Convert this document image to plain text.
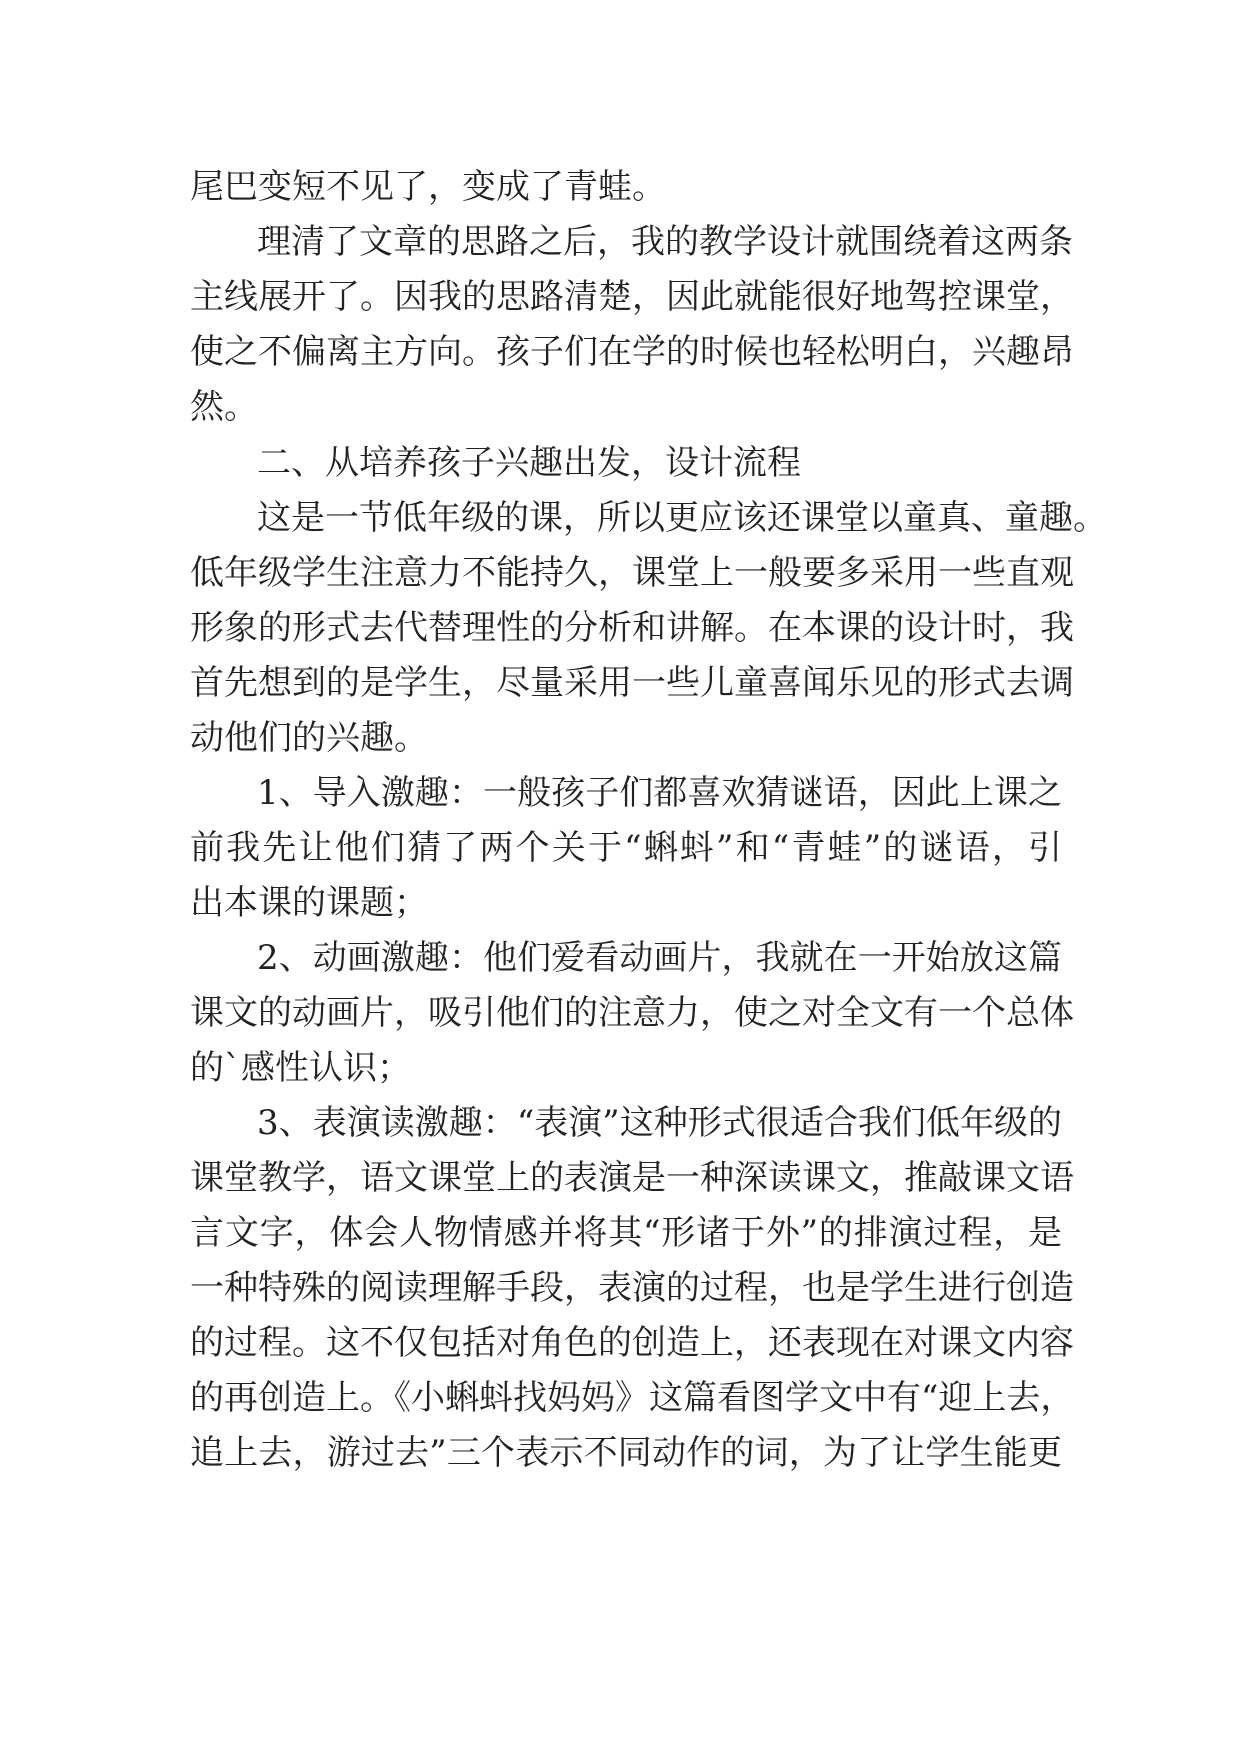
尾巴变短不见了，变成了青蛙。
理清了文章的思路之后，我的教学设计就围绕着这两条
主线展开了。因我的思路清楚，因此就能很好地驾控课堂，
使之不偏离主方向。孩子们在学的时候也轻松明白，兴趣昂
然。
二、从培养孩子兴趣出发，设计流程
这是一节低年级的课，所以更应该还课堂以童真、童趣。
低年级学生注意力不能持久，课堂上一般要多采用一些直观
形象的形式去代替理性的分析和讲解。在本课的设计时，我
首先想到的是学生，尽量采用一些儿童喜闻乐见的形式去调
动他们的兴趣。
1、导入激趣：一般孩子们都喜欢猜谜语，因此上课之
前我先让他们猜了两个关于“蝌蚪”和“青蛙”的谜语，引
出本课的课题；
2、动画激趣：他们爱看动画片，我就在一开始放这篇
课文的动画片，吸引他们的注意力，使之对全文有一个总体
的`感性认识；
3、表演读激趣：“表演”这种形式很适合我们低年级的
课堂教学，语文课堂上的表演是一种深读课文，推敲课文语
言文字，体会人物情感并将其“形诸于外”的排演过程，是
一种特殊的阅读理解手段，表演的过程，也是学生进行创造
的过程。这不仅包括对角色的创造上，还表现在对课文内容
的再创造上。《小蝌蚪找妈妈》这篇看图学文中有“迎上去，
追上去，游过去”三个表示不同动作的词，为了让学生能更
